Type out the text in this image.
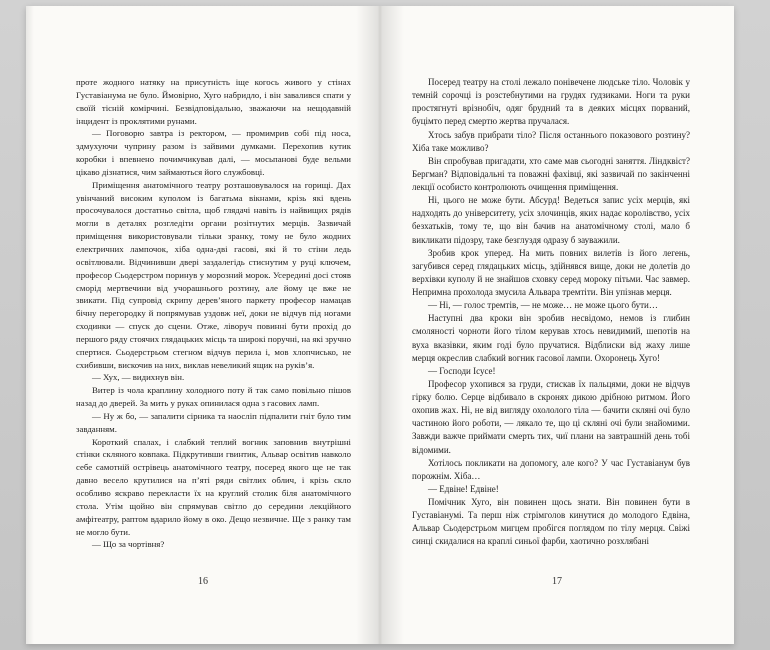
проте жодного натяку на присутність іще когось живого у стінах Густавіанума не було. Ймовірно, Хуго набридло, і він завалився спати у своїй тісній комірчині. Безвідповідально, зважаючи на нещодавній інцидент із проклятими рунами.

— Поговорю завтра із ректором, — промимрив собі під носа, здмухуючи чуприну разом із зайвими думками. Перехопив кутик коробки і впевнено почимчикував далі, — мосьпанові буде вельми цікаво дізнатися, чим займаються його службовці.

Приміщення анатомічного театру розташовувалося на горищі. Дах увінчаний високим куполом із багатьма вікнами, крізь які вдень просочувалося достатньо світла, щоб глядачі навіть із найвищих рядів могли в деталях розгледіти органи розітнутих мерців. Зазвичай приміщення використовували тільки зранку, тому не було жодних електричних лампочок, хіба одна-дві гасові, які й то стіни ледь освітлювали. Відчинивши двері заздалегідь стиснутим у руці ключем, професор Сьодерстром поринув у морозний морок. Усередині досі стояв сморід мертвечини від учорашнього розтину, але йому це вже не звикати. Під супровід скрипу дерев’яного паркету професор намацав бічну перегородку й попрямував уздовж неї, доки не відчув під ногами сходинки — спуск до сцени. Отже, ліворуч повинні бути прохід до першого ряду стоячих глядацьких місць та широкі поручні, на які зручно спертися. Сьодерстрьом стегном відчув перила і, мов хлопчисько, не схибивши, вискочив на них, виклав невеликий ящик на руків’я.

— Хух, — видихнув він.

Витер із чола краплину холодного поту й так само повільно пішов назад до дверей. За мить у руках опинилася одна з гасових ламп.

— Ну ж бо, — запалити сірника та наосліп підпалити гніт було тим завданням.

Короткий спалах, і слабкий теплий вогник заповнив внутрішні стінки скляного ковпака. Підкрутивши гвинтик, Альвар освітив навколо себе самотній острівець анатомічного театру, посеред якого ще не так давно весело крутилися на п’яті ряди світлих облич, і крізь скло особливо яскраво перекласти їх на круглий столик біля анатомічного стола. Утім щойно він спрямував світло до середини лекційного амфітеатру, раптом вдарило йому в око. Дещо незвичне. Ще з ранку там не могло бути.

— Що за чортівня?

16

Посеред театру на столі лежало понівечене людське тіло. Чоловік у темній сорочці із розстебнутими на грудях ґудзиками. Ноги та руки простягнуті врізнобіч, одяг брудний та в деяких місцях порваний, буцімто перед смертю жертва пручалася.

Хтось забув прибрати тіло? Після останнього показового розтину? Хіба таке можливо?

Він спробував пригадати, хто саме мав сьогодні заняття. Ліндквіст? Бергман? Відповідальні та поважні фахівці, які зазвичай по закінченні лекції особисто контролюють очищення приміщення.

Ні, цього не може бути. Абсурд! Ведеться запис усіх мерців, які надходять до університету, усіх злочинців, яких надає королівство, усіх безхатьків, тому те, що він бачив на анатомічному столі, мало б викликати підозру, таке безглуздя одразу б зауважили.

Зробив крок уперед. На мить повних вилетів із його легень, загубився серед глядацьких місць, здійнявся вище, доки не долетів до верхівки куполу й не знайшов сховку серед мороку пітьми. Час завмер. Непримна прохолода змусила Альвара тремтіти. Він упізнав мерця.

— Ні, — голос тремтів, — не може… не може цього бути…

Наступні два кроки він зробив несвідомо, немов із глибин смоляності чорноти його тілом керував хтось невидимий, шепотів на вуха вказівки, яким годі було пручатися. Відблиски від жаху лише мерця окреслив слабкий вогник гасової лампи. Охоронець Хуго!

— Господи Ісусе!

Професор ухопився за груди, стискав їх пальцями, доки не відчув гірку болю. Серце відбивало в скронях дикою дрібною ритмом. Його охопив жах. Ні, не від вигляду охололого тіла — бачити скляні очі було частиною його роботи, — лякало те, що ці скляні очі були знайомими. Завжди важче приймати смерть тих, чиї плани на завтрашній день тобі відомими.

Хотілось покликати на допомогу, але кого? У час Густавіанум був порожнім. Хіба…

— Едвіне! Едвіне!

Помічник Хуго, він повинен щось знати. Він повинен бути в Густавіанумі. Та перш ніж стрімголов кинутися до молодого Едвіна, Альвар Сьодерстрьом мигцем пробігся поглядом по тілу мерця. Свіжі синці скидалися на краплі синьої фарби, хаотично розхлябані

17
